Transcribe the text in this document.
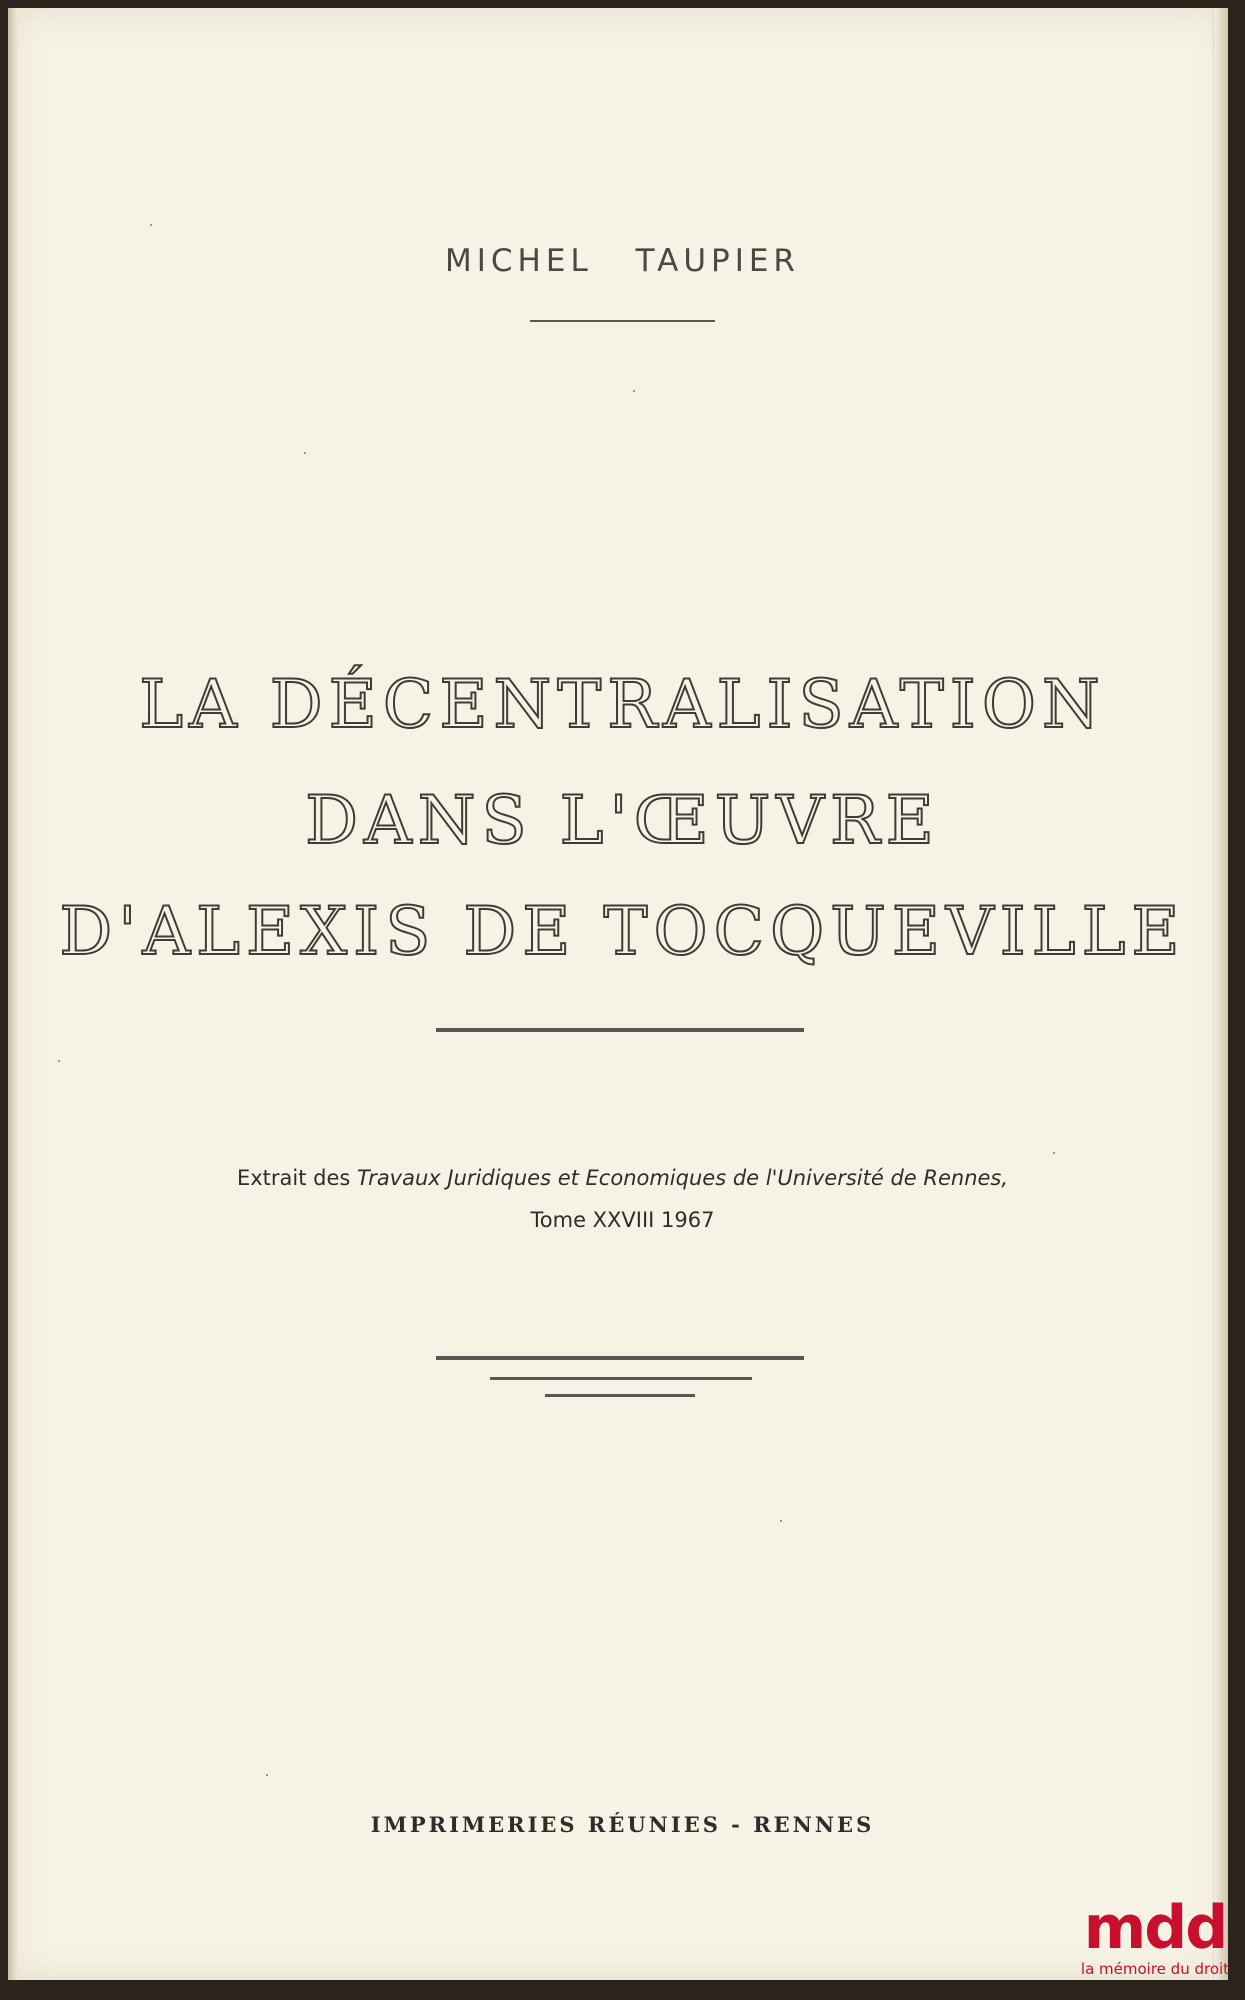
MICHEL TAUPIER
LA DÉCENTRALISATION
DANS L'ŒUVRE
D'ALEXIS DE TOCQUEVILLE
Extrait des Travaux Juridiques et Economiques de l'Université de Rennes,
Tome XXVIII 1967
IMPRIMERIES RÉUNIES - RENNES
mdd
la mémoire du droit
